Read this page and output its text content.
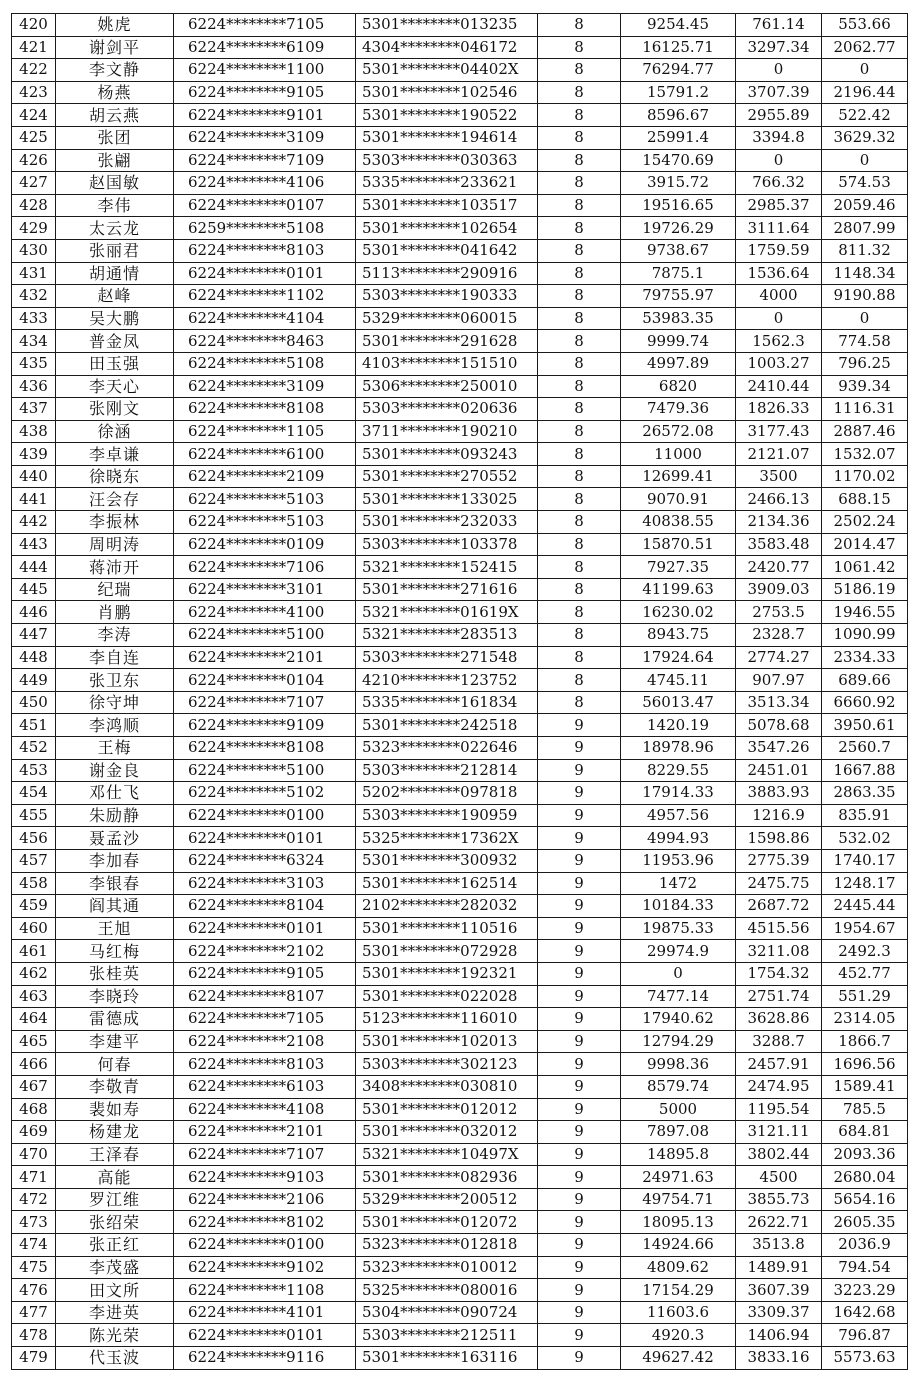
420	姚虎	6224********7105	5301********013235	8	9254.45	761.14	553.66
421	谢剑平	6224********6109	4304********046172	8	16125.71	3297.34	2062.77
422	李文静	6224********1100	5301********04402X	8	76294.77	0	0
423	杨燕	6224********9105	5301********102546	8	15791.2	3707.39	2196.44
424	胡云燕	6224********9101	5301********190522	8	8596.67	2955.89	522.42
425	张团	6224********3109	5301********194614	8	25991.4	3394.8	3629.32
426	张翩	6224********7109	5303********030363	8	15470.69	0	0
427	赵国敏	6224********4106	5335********233621	8	3915.72	766.32	574.53
428	李伟	6224********0107	5301********103517	8	19516.65	2985.37	2059.46
429	太云龙	6259********5108	5301********102654	8	19726.29	3111.64	2807.99
430	张丽君	6224********8103	5301********041642	8	9738.67	1759.59	811.32
431	胡通情	6224********0101	5113********290916	8	7875.1	1536.64	1148.34
432	赵峰	6224********1102	5303********190333	8	79755.97	4000	9190.88
433	吴大鹏	6224********4104	5329********060015	8	53983.35	0	0
434	普金凤	6224********8463	5301********291628	8	9999.74	1562.3	774.58
435	田玉强	6224********5108	4103********151510	8	4997.89	1003.27	796.25
436	李天心	6224********3109	5306********250010	8	6820	2410.44	939.34
437	张刚文	6224********8108	5303********020636	8	7479.36	1826.33	1116.31
438	徐涵	6224********1105	3711********190210	8	26572.08	3177.43	2887.46
439	李卓谦	6224********6100	5301********093243	8	11000	2121.07	1532.07
440	徐晓东	6224********2109	5301********270552	8	12699.41	3500	1170.02
441	汪会存	6224********5103	5301********133025	8	9070.91	2466.13	688.15
442	李振林	6224********5103	5301********232033	8	40838.55	2134.36	2502.24
443	周明涛	6224********0109	5303********103378	8	15870.51	3583.48	2014.47
444	蒋沛开	6224********7106	5321********152415	8	7927.35	2420.77	1061.42
445	纪瑞	6224********3101	5301********271616	8	41199.63	3909.03	5186.19
446	肖鹏	6224********4100	5321********01619X	8	16230.02	2753.5	1946.55
447	李涛	6224********5100	5321********283513	8	8943.75	2328.7	1090.99
448	李自连	6224********2101	5303********271548	8	17924.64	2774.27	2334.33
449	张卫东	6224********0104	4210********123752	8	4745.11	907.97	689.66
450	徐守坤	6224********7107	5335********161834	8	56013.47	3513.34	6660.92
451	李鸿顺	6224********9109	5301********242518	9	1420.19	5078.68	3950.61
452	王梅	6224********8108	5323********022646	9	18978.96	3547.26	2560.7
453	谢金良	6224********5100	5303********212814	9	8229.55	2451.01	1667.88
454	邓仕飞	6224********5102	5202********097818	9	17914.33	3883.93	2863.35
455	朱励静	6224********0100	5303********190959	9	4957.56	1216.9	835.91
456	聂孟沙	6224********0101	5325********17362X	9	4994.93	1598.86	532.02
457	李加春	6224********6324	5301********300932	9	11953.96	2775.39	1740.17
458	李银春	6224********3103	5301********162514	9	1472	2475.75	1248.17
459	阎其通	6224********8104	2102********282032	9	10184.33	2687.72	2445.44
460	王旭	6224********0101	5301********110516	9	19875.33	4515.56	1954.67
461	马红梅	6224********2102	5301********072928	9	29974.9	3211.08	2492.3
462	张桂英	6224********9105	5301********192321	9	0	1754.32	452.77
463	李晓玲	6224********8107	5301********022028	9	7477.14	2751.74	551.29
464	雷德成	6224********7105	5123********116010	9	17940.62	3628.86	2314.05
465	李建平	6224********2108	5301********102013	9	12794.29	3288.7	1866.7
466	何春	6224********8103	5303********302123	9	9998.36	2457.91	1696.56
467	李敬青	6224********6103	3408********030810	9	8579.74	2474.95	1589.41
468	裴如寿	6224********4108	5301********012012	9	5000	1195.54	785.5
469	杨建龙	6224********2101	5301********032012	9	7897.08	3121.11	684.81
470	王泽春	6224********7107	5321********10497X	9	14895.8	3802.44	2093.36
471	高能	6224********9103	5301********082936	9	24971.63	4500	2680.04
472	罗江维	6224********2106	5329********200512	9	49754.71	3855.73	5654.16
473	张绍荣	6224********8102	5301********012072	9	18095.13	2622.71	2605.35
474	张正红	6224********0100	5323********012818	9	14924.66	3513.8	2036.9
475	李茂盛	6224********9102	5323********010012	9	4809.62	1489.91	794.54
476	田文所	6224********1108	5325********080016	9	17154.29	3607.39	3223.29
477	李进英	6224********4101	5304********090724	9	11603.6	3309.37	1642.68
478	陈光荣	6224********0101	5303********212511	9	4920.3	1406.94	796.87
479	代玉波	6224********9116	5301********163116	9	49627.42	3833.16	5573.63
